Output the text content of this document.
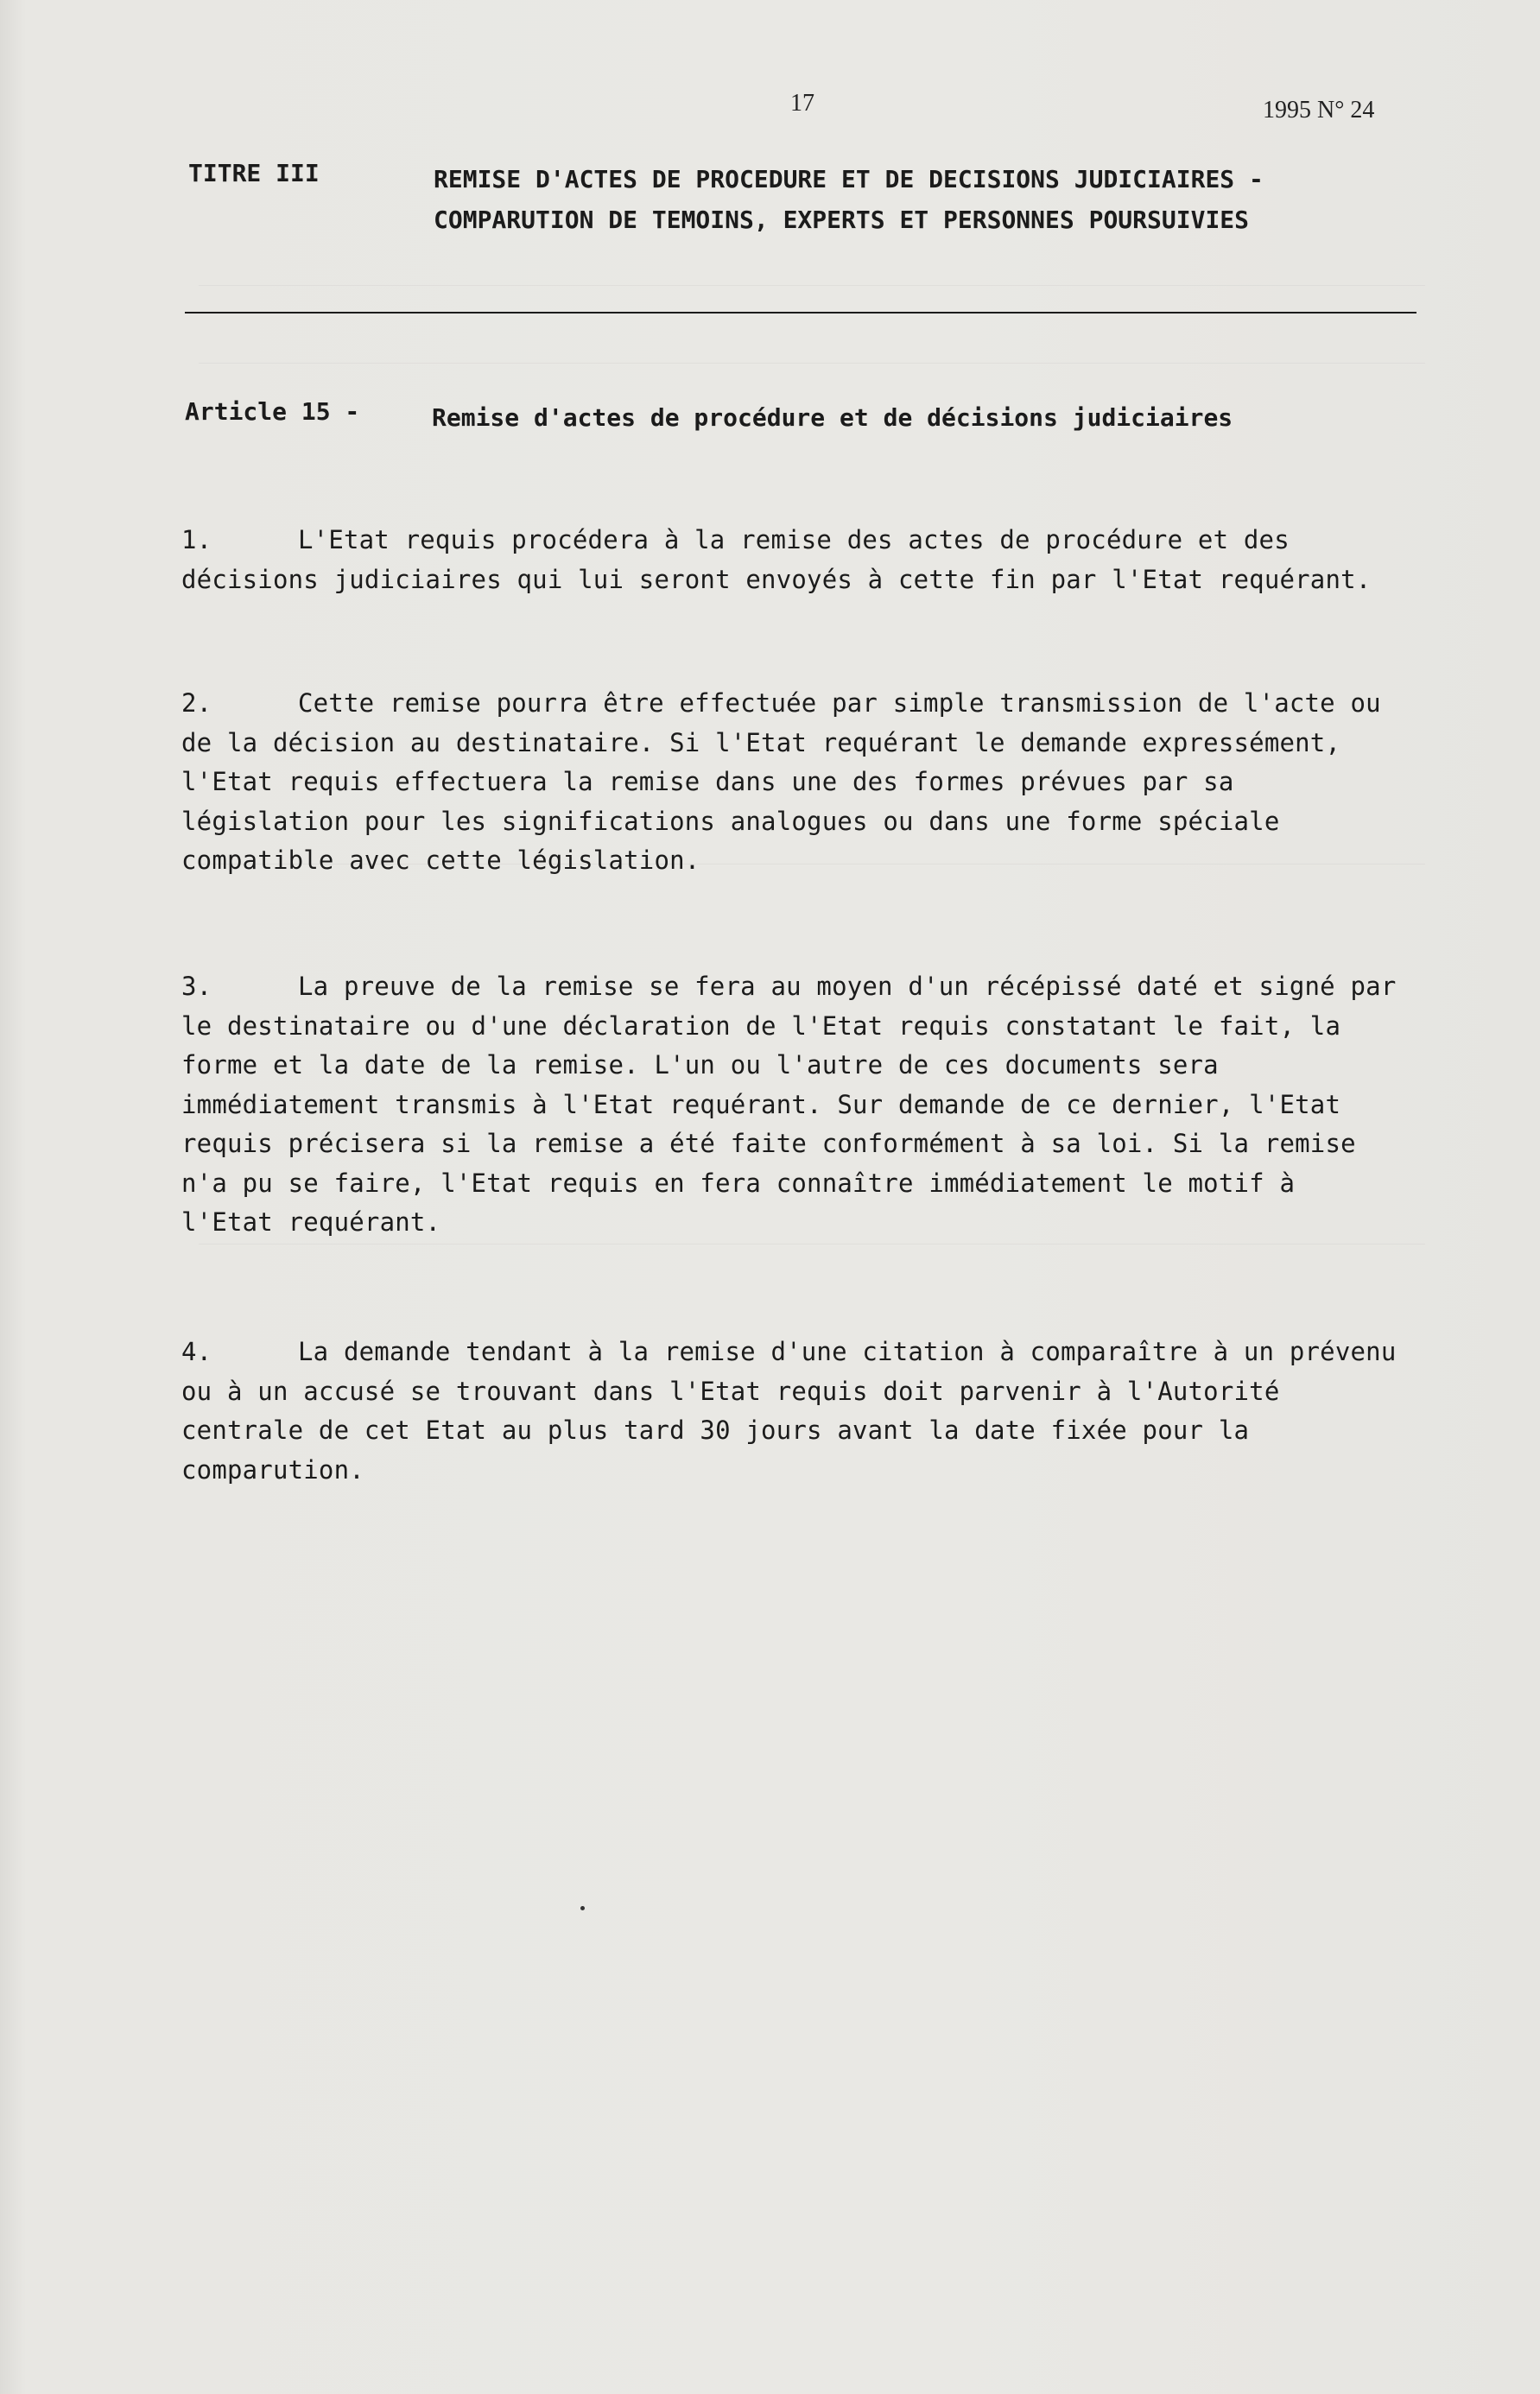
17	1995 N° 24
TITRE III	REMISE D'ACTES DE PROCEDURE ET DE DECISIONS JUDICIAIRES - COMPARUTION DE TEMOINS, EXPERTS ET PERSONNES POURSUIVIES
Article 15 -	Remise d'actes de procédure et de décisions judiciaires
1.	L'Etat requis procédera à la remise des actes de procédure et des décisions judiciaires qui lui seront envoyés à cette fin par l'Etat requérant.
2.	Cette remise pourra être effectuée par simple transmission de l'acte ou de la décision au destinataire. Si l'Etat requérant le demande expressément, l'Etat requis effectuera la remise dans une des formes prévues par sa législation pour les significations analogues ou dans une forme spéciale compatible avec cette législation.
3.	La preuve de la remise se fera au moyen d'un récépissé daté et signé par le destinataire ou d'une déclaration de l'Etat requis constatant le fait, la forme et la date de la remise. L'un ou l'autre de ces documents sera immédiatement transmis à l'Etat requérant. Sur demande de ce dernier, l'Etat requis précisera si la remise a été faite conformément à sa loi. Si la remise n'a pu se faire, l'Etat requis en fera connaître immédiatement le motif à l'Etat requérant.
4.	La demande tendant à la remise d'une citation à comparaître à un prévenu ou à un accusé se trouvant dans l'Etat requis doit parvenir à l'Autorité centrale de cet Etat au plus tard 30 jours avant la date fixée pour la comparution.
